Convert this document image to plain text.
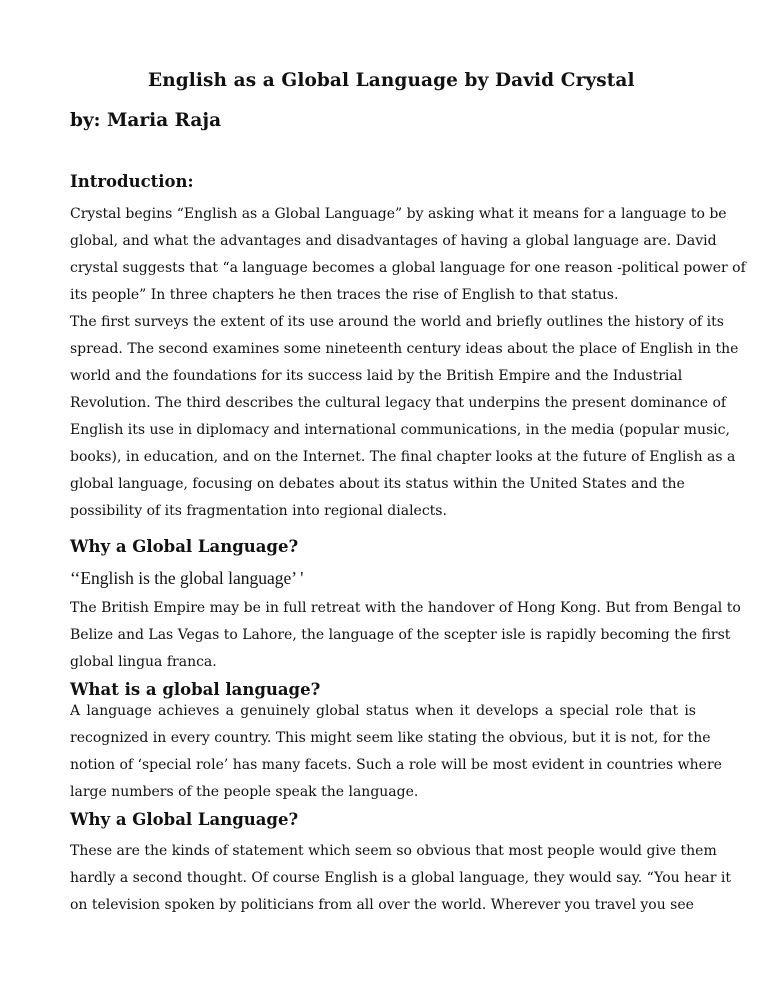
English as a Global Language by David Crystal
by: Maria Raja
Introduction:
Crystal begins “English as a Global Language” by asking what it means for a language to be
global, and what the advantages and disadvantages of having a global language are. David
crystal suggests that “a language becomes a global language for one reason -political power of
its people” In three chapters he then traces the rise of English to that status.
The first surveys the extent of its use around the world and briefly outlines the history of its
spread. The second examines some nineteenth century ideas about the place of English in the
world and the foundations for its success laid by the British Empire and the Industrial
Revolution. The third describes the cultural legacy that underpins the present dominance of
English its use in diplomacy and international communications, in the media (popular music,
books), in education, and on the Internet. The final chapter looks at the future of English as a
global language, focusing on debates about its status within the United States and the
possibility of its fragmentation into regional dialects.
Why a Global Language?
‘‘English is the global language’ '
The British Empire may be in full retreat with the handover of Hong Kong. But from Bengal to
Belize and Las Vegas to Lahore, the language of the scepter isle is rapidly becoming the first
global lingua franca.
What is a global language?
A language achieves a genuinely global status when it develops a special role that is
recognized in every country. This might seem like stating the obvious, but it is not, for the
notion of ‘special role’ has many facets. Such a role will be most evident in countries where
large numbers of the people speak the language.
Why a Global Language?
These are the kinds of statement which seem so obvious that most people would give them
hardly a second thought. Of course English is a global language, they would say. “You hear it
on television spoken by politicians from all over the world. Wherever you travel you see
